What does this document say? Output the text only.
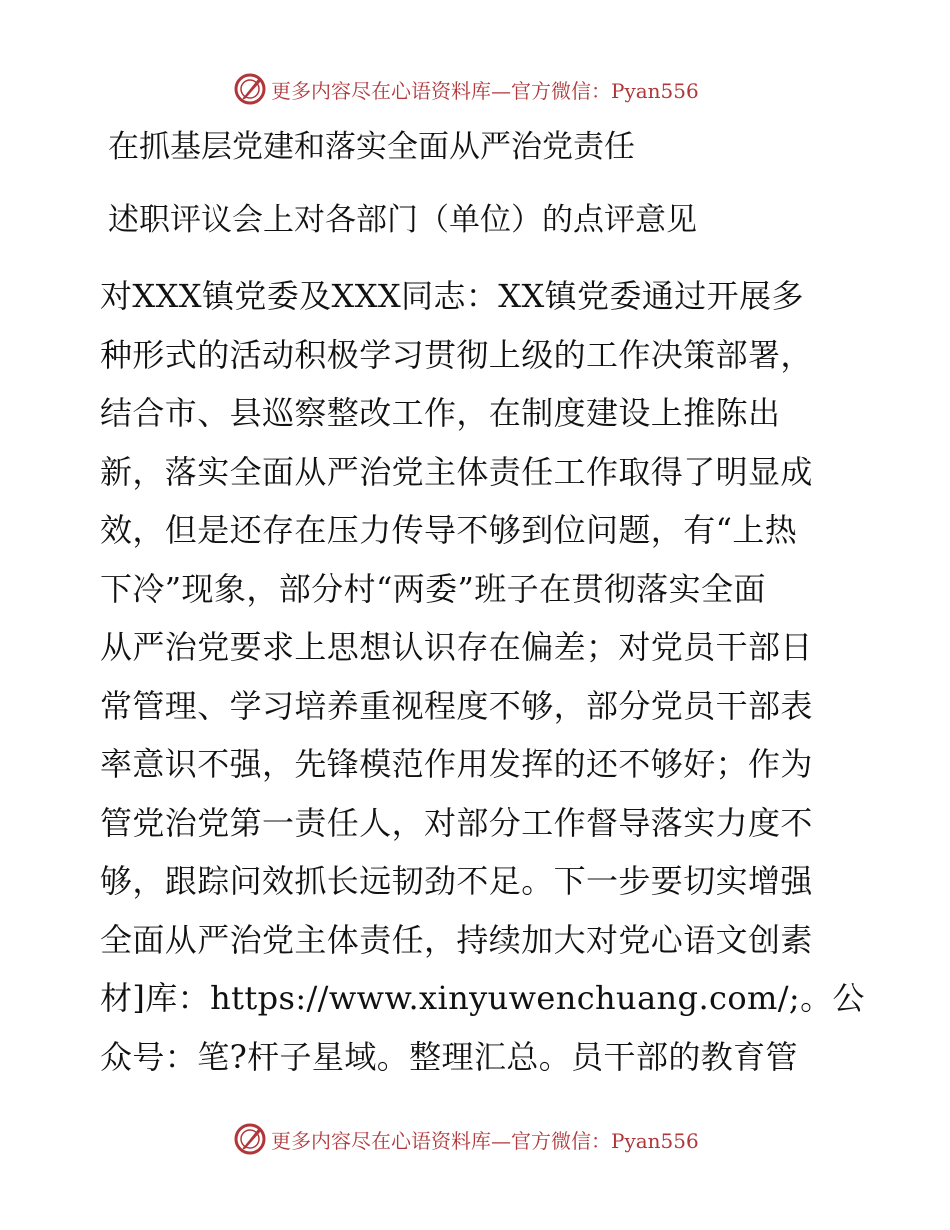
更多内容尽在心语资料库—官方微信：Pyan556
在抓基层党建和落实全面从严治党责任
述职评议会上对各部门（单位）的点评意见
对XXX镇党委及XXX同志：XX镇党委通过开展多
种形式的活动积极学习贯彻上级的工作决策部署，
结合市、县巡察整改工作，在制度建设上推陈出
新，落实全面从严治党主体责任工作取得了明显成
效，但是还存在压力传导不够到位问题，有“上热
下冷”现象，部分村“两委”班子在贯彻落实全面
从严治党要求上思想认识存在偏差；对党员干部日
常管理、学习培养重视程度不够，部分党员干部表
率意识不强，先锋模范作用发挥的还不够好；作为
管党治党第一责任人，对部分工作督导落实力度不
够，跟踪问效抓长远韧劲不足。下一步要切实增强
全面从严治党主体责任，持续加大对党心语文创素
材]库：https://www.xinyuwenchuang.com/;。公
众号：笔?杆子星域。整理汇总。员干部的教育管
更多内容尽在心语资料库—官方微信：Pyan556
